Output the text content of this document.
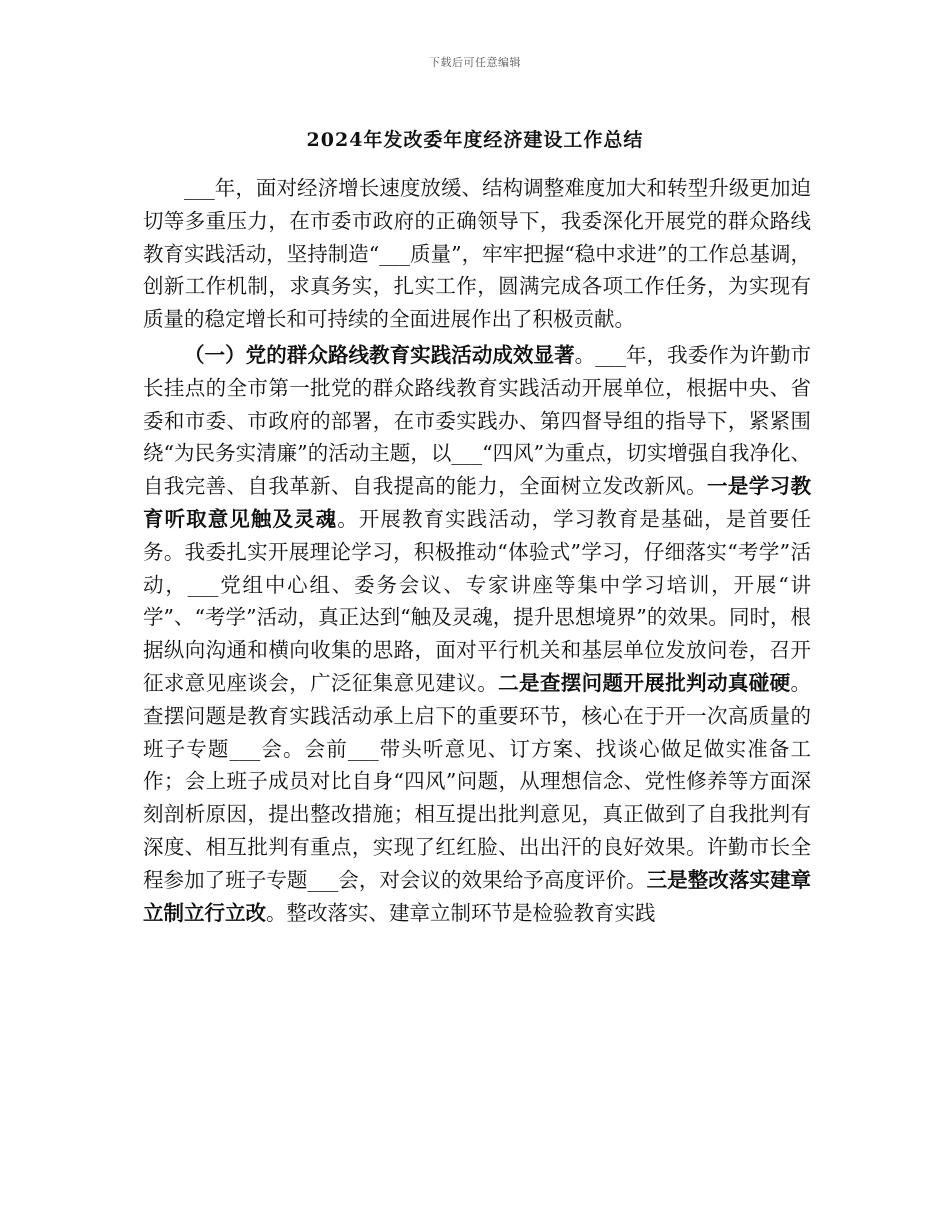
下载后可任意编辑
2024年发改委年度经济建设工作总结

___年，面对经济增长速度放缓、结构调整难度加大和转型升级更加迫切等多重压力，在市委市政府的正确领导下，我委深化开展党的群众路线教育实践活动，坚持制造“___质量”，牢牢把握“稳中求进”的工作总基调，创新工作机制，求真务实，扎实工作，圆满完成各项工作任务，为实现有质量的稳定增长和可持续的全面进展作出了积极贡献。

（一）党的群众路线教育实践活动成效显著。___年，我委作为许勤市长挂点的全市第一批党的群众路线教育实践活动开展单位，根据中央、省委和市委、市政府的部署，在市委实践办、第四督导组的指导下，紧紧围绕“为民务实清廉”的活动主题，以___“四风”为重点，切实增强自我净化、自我完善、自我革新、自我提高的能力，全面树立发改新风。一是学习教育听取意见触及灵魂。开展教育实践活动，学习教育是基础，是首要任务。我委扎实开展理论学习，积极推动“体验式”学习，仔细落实“考学”活动，___党组中心组、委务会议、专家讲座等集中学习培训，开展“讲学”、“考学”活动，真正达到“触及灵魂，提升思想境界”的效果。同时，根据纵向沟通和横向收集的思路，面对平行机关和基层单位发放问卷，召开征求意见座谈会，广泛征集意见建议。二是查摆问题开展批判动真碰硬。查摆问题是教育实践活动承上启下的重要环节，核心在于开一次高质量的班子专题___会。会前___带头听意见、订方案、找谈心做足做实准备工作；会上班子成员对比自身“四风”问题，从理想信念、党性修养等方面深刻剖析原因，提出整改措施；相互提出批判意见，真正做到了自我批判有深度、相互批判有重点，实现了红红脸、出出汗的良好效果。许勤市长全程参加了班子专题___会，对会议的效果给予高度评价。三是整改落实建章立制立行立改。整改落实、建章立制环节是检验教育实践
